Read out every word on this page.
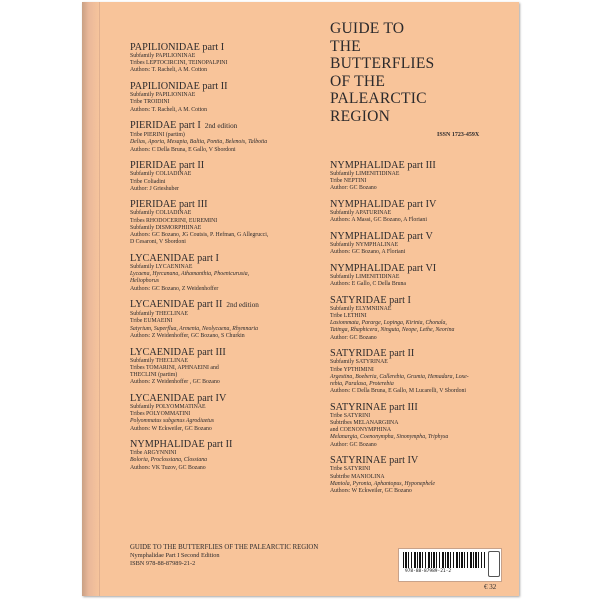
GUIDE TO
THE
BUTTERFLIES
OF THE
PALEARCTIC
REGION
ISSN 1723-459X
PAPILIONIDAE part I
Subfamily PAPILIONINAE
Tribes LEPTOCIRCINI, TEINOPALPINI
Authors: T. Racheli, A M. Cotton
PAPILIONIDAE part II
Subfamily PAPILIONINAE
Tribe TROIDINI
Authors: T. Racheli, A M. Cotton
PIERIDAE part I 2nd edition
Tribe PIERINI (partim)
Delias, Aporia, Mesapia, Baltia, Pontia, Belenois, Talbotia
Authors: C Della Bruna, E Gallo, V Sbordoni
PIERIDAE part II
Subfamily COLIADINAE
Tribe Coliadini
Author: J Grieshuber
PIERIDAE part III
Subfamily COLIADINAE
Tribes RHODOCERINI, EUREMINI
Subfamily DISMORPHIINAE
Authors: GC Bozano, JG Coutsis, P. Hefman, G Allegrucci,
D Cesaroni, V Sbordoni
LYCAENIDAE part I
Subfamily LYCAENINAE
Lycaena, Hyrcanana, Athamanthia, Phoenicurusia,
Heliophorus
Authors: GC Bozano, Z Weidenhoffer
LYCAENIDAE part II 2nd edition
Subfamily THECLINAE
Tribe EUMAEINI
Satyrium, Superflua, Armenia, Neolycaena, Rhymnaria
Authors: Z Weidenhoffer, GC Bozano, S Churkin
LYCAENIDAE part III
Subfamily THECLINAE
Tribes TOMARINI, APHNAEINI and
THECLINI (partim)
Authors: Z Weidenhoffer , GC Bozano
LYCAENIDAE part IV
Subfamily POLYOMMATINAE
Tribes POLYOMMATINI
Polyommatus subgenus Agrodiaetus
Authors: W Eckweiler, GC Bozano
NYMPHALIDAE part II
Tribe ARGYNNINI
Boloria, Proclossiana, Clossiana
Authors: VK Tuzov, GC Bozano
NYMPHALIDAE part III
Subfamily LIMENITIDINAE
Tribe NEPTINI
Author: GC Bozano
NYMPHALIDAE part IV
Subfamily APATURINAE
Authors: A Massi, GC Bozano, A Floriani
NYMPHALIDAE part V
Subfamily NYMPHALINAE
Authors: GC Bozano, A Floriani
NYMPHALIDAE part VI
Subfamily LIMENITIDINAE
Authors: E Gallo, C Della Bruna
SATYRIDAE part I
Subfamily ELYMNIINAE
Tribe LETHINI
Lasiommata, Pararge, Lopinga, Kirinia, Chonala,
Tatinga, Rhaphicera, Ninguta, Neope, Lethe, Neorina
Author: GC Bozano
SATYRIDAE part II
Subfamily SATYRINAE
Tribe YPTHIMINI
Argestina, Boeberia, Callerebia, Grumia, Hemadara, Loxe-
rebia, Paralasa, Proterebia
Authors: C Della Bruna, E Gallo, M Lucarelli, V Sbordoni
SATYRINAE part III
Tribe SATYRINI
Subtribes MELANARGIINA
and COENONYMPHINA
Melanargia, Coenonympha, Sinonympha, Triphysa
Author: GC Bozano
SATYRINAE part IV
Tribe SATYRINI
Subtribe MANIOLINA
Maniola, Pyronia, Aphantopus, Hyponephele
Authors: W Eckweiler, GC Bozano
GUIDE TO THE BUTTERFLIES OF THE PALEARCTIC REGION
Nymphalidae Part I Second Edition
ISBN 978-88-87989-21-2
978-88-87989-21-2
€ 32
